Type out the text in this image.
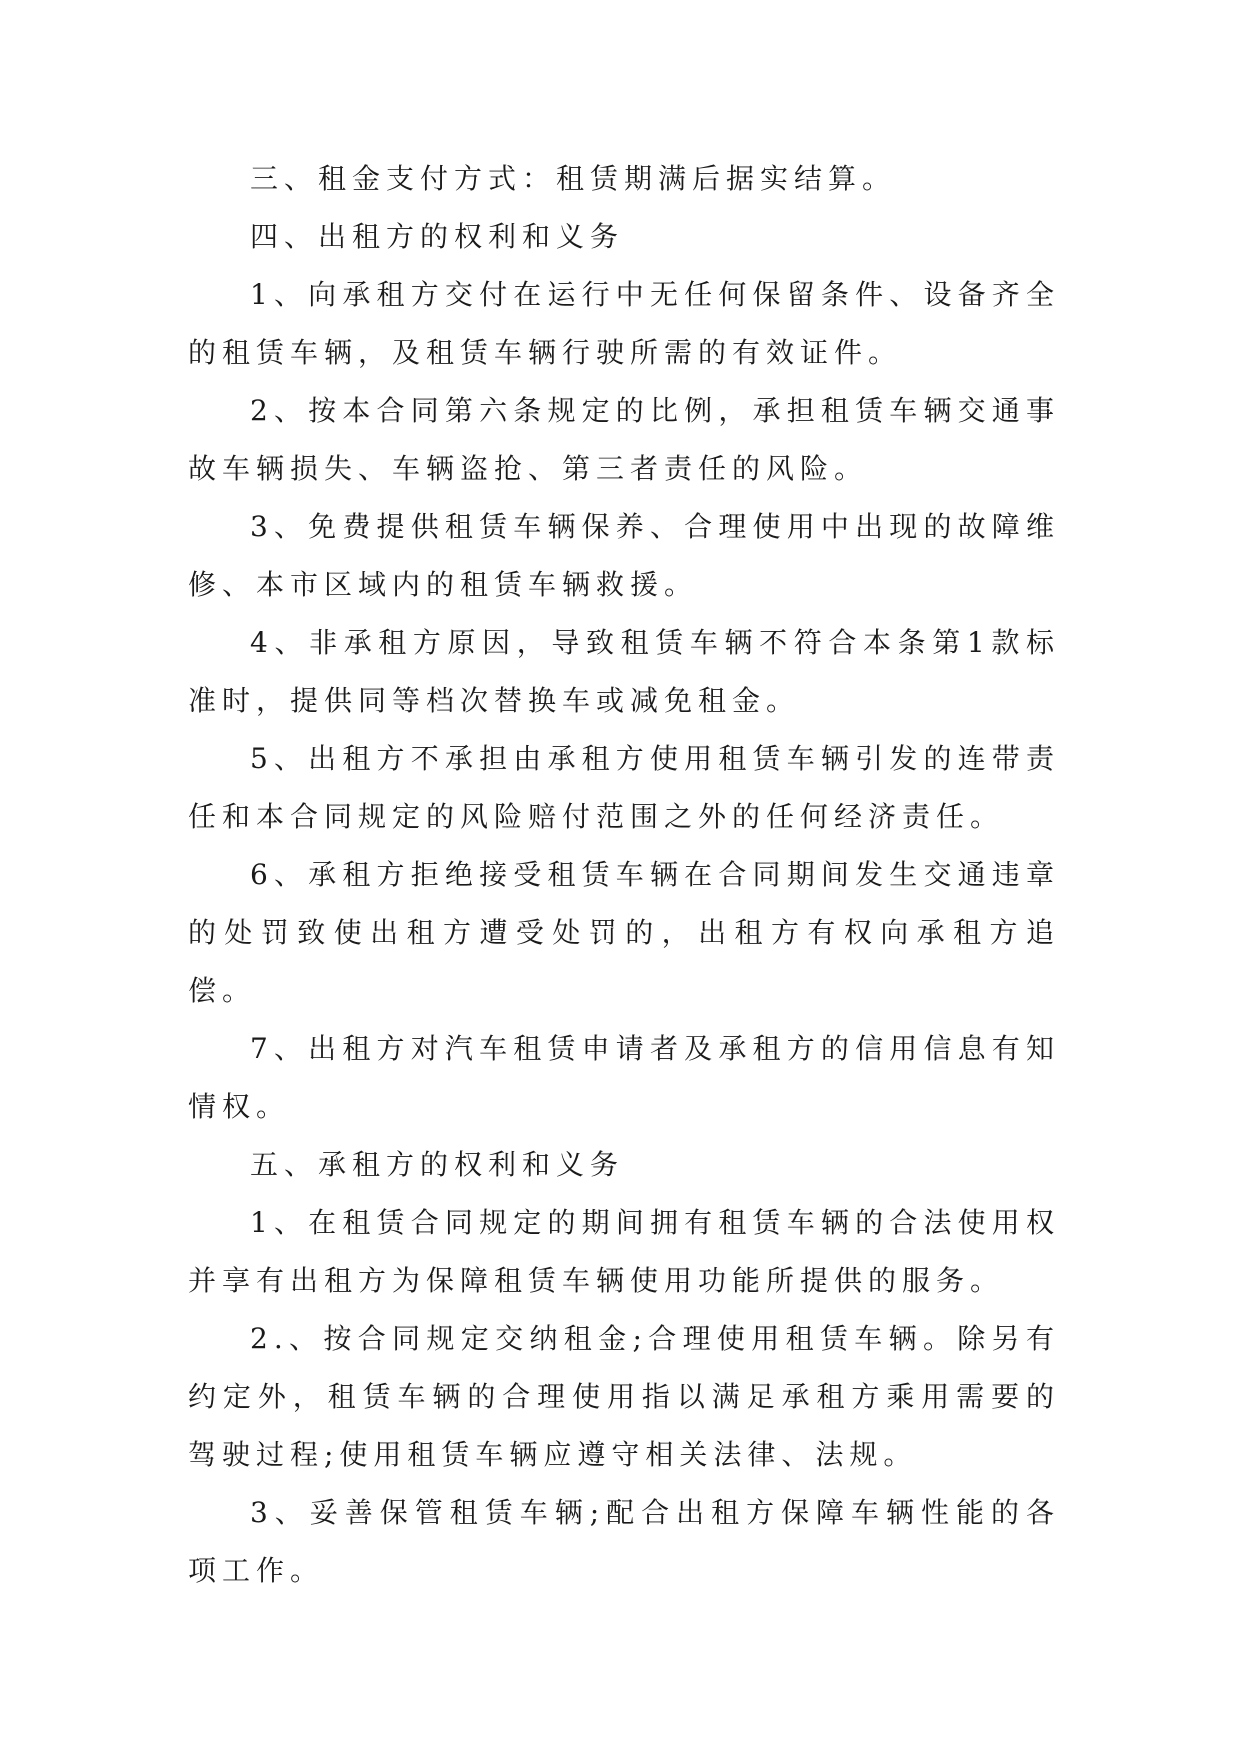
三、租金支付方式：租赁期满后据实结算。

四、出租方的权利和义务

1、向承租方交付在运行中无任何保留条件、设备齐全的租赁车辆，及租赁车辆行驶所需的有效证件。

2、按本合同第六条规定的比例，承担租赁车辆交通事故车辆损失、车辆盗抢、第三者责任的风险。

3、免费提供租赁车辆保养、合理使用中出现的故障维修、本市区域内的租赁车辆救援。

4、非承租方原因，导致租赁车辆不符合本条第1款标准时，提供同等档次替换车或减免租金。

5、出租方不承担由承租方使用租赁车辆引发的连带责任和本合同规定的风险赔付范围之外的任何经济责任。

6、承租方拒绝接受租赁车辆在合同期间发生交通违章的处罚致使出租方遭受处罚的，出租方有权向承租方追偿。

7、出租方对汽车租赁申请者及承租方的信用信息有知情权。

五、承租方的权利和义务

1、在租赁合同规定的期间拥有租赁车辆的合法使用权并享有出租方为保障租赁车辆使用功能所提供的服务。

2.、按合同规定交纳租金;合理使用租赁车辆。除另有约定外，租赁车辆的合理使用指以满足承租方乘用需要的驾驶过程;使用租赁车辆应遵守相关法律、法规。

3、妥善保管租赁车辆;配合出租方保障车辆性能的各项工作。
